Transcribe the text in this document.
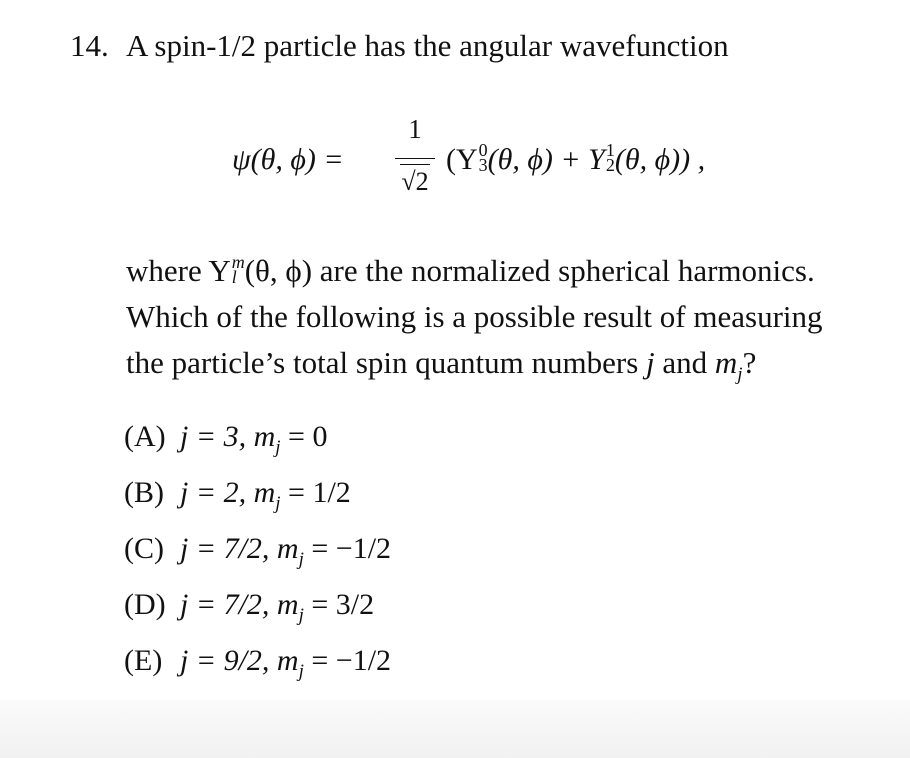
14. A spin-1/2 particle has the angular wavefunction
ψ(θ, ϕ) =
1
√2
(Y 0
3 (θ, ϕ) + Y 1
2 (θ, ϕ)) ,
where Y m
l (θ, ϕ) are the normalized spherical harmonics.
Which of the following is a possible result of measuring
the particle’s total spin quantum numbers j and $m_j$?
(A) j = 3, $m_j = 0$
(B) j = 2, $m_j = 1/2$
(C) j = 7/2, $m_j = -1/2$
(D) j = 7/2, $m_j = 3/2$
(E) j = 9/2, $m_j = -1/2$
